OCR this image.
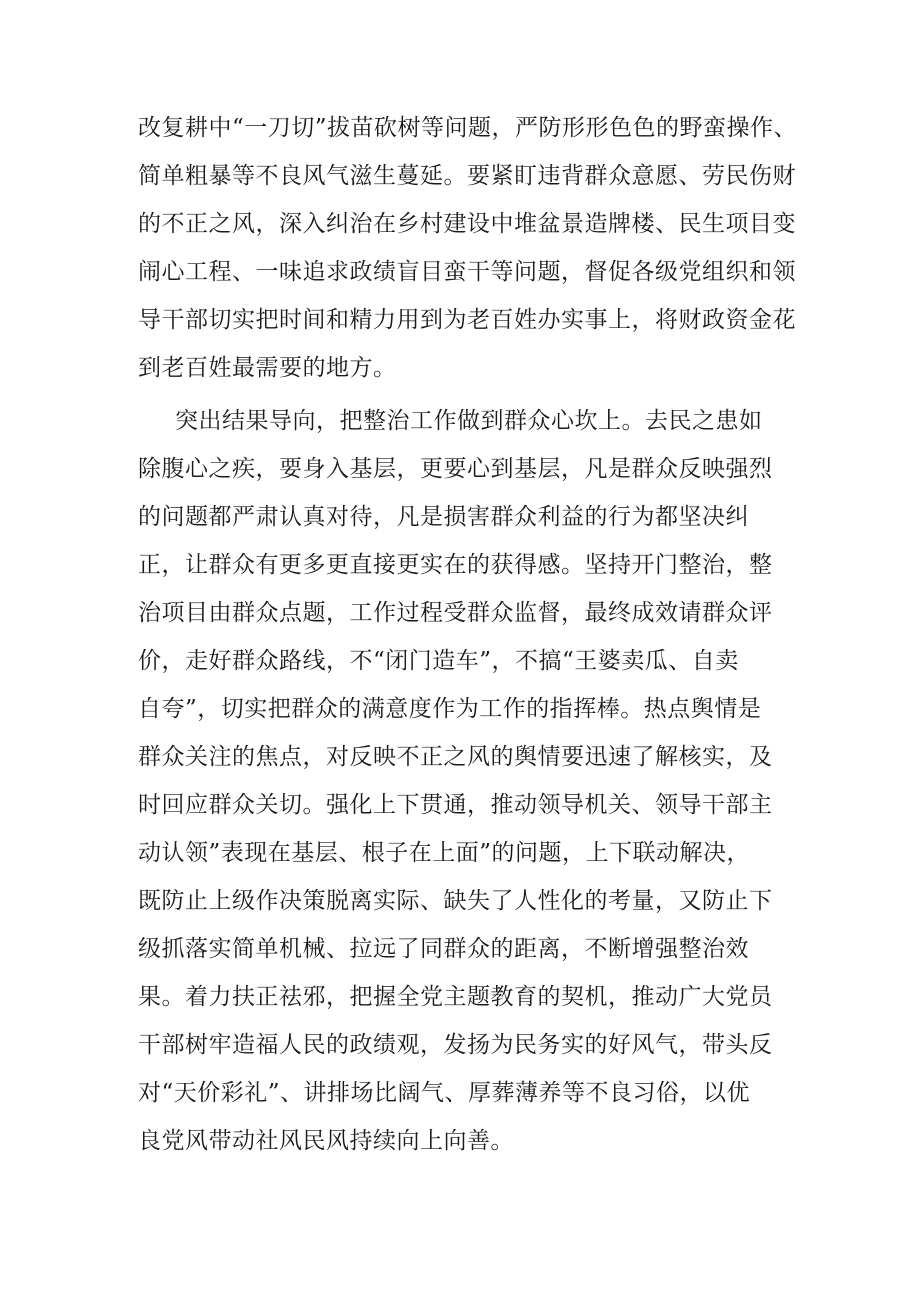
改复耕中“一刀切”拔苗砍树等问题，严防形形色色的野蛮操作、

简单粗暴等不良风气滋生蔓延。要紧盯违背群众意愿、劳民伤财

的不正之风，深入纠治在乡村建设中堆盆景造牌楼、民生项目变

闹心工程、一味追求政绩盲目蛮干等问题，督促各级党组织和领

导干部切实把时间和精力用到为老百姓办实事上，将财政资金花

到老百姓最需要的地方。

突出结果导向，把整治工作做到群众心坎上。去民之患如

除腹心之疾，要身入基层，更要心到基层，凡是群众反映强烈

的问题都严肃认真对待，凡是损害群众利益的行为都坚决纠

正，让群众有更多更直接更实在的获得感。坚持开门整治，整

治项目由群众点题，工作过程受群众监督，最终成效请群众评

价，走好群众路线，不“闭门造车”，不搞“王婆卖瓜、自卖

自夸”，切实把群众的满意度作为工作的指挥棒。热点舆情是

群众关注的焦点，对反映不正之风的舆情要迅速了解核实，及

时回应群众关切。强化上下贯通，推动领导机关、领导干部主

动认领”表现在基层、根子在上面”的问题，上下联动解决，

既防止上级作决策脱离实际、缺失了人性化的考量，又防止下

级抓落实简单机械、拉远了同群众的距离，不断增强整治效

果。着力扶正祛邪，把握全党主题教育的契机，推动广大党员

干部树牢造福人民的政绩观，发扬为民务实的好风气，带头反

对“天价彩礼”、讲排场比阔气、厚葬薄养等不良习俗，以优

良党风带动社风民风持续向上向善。
